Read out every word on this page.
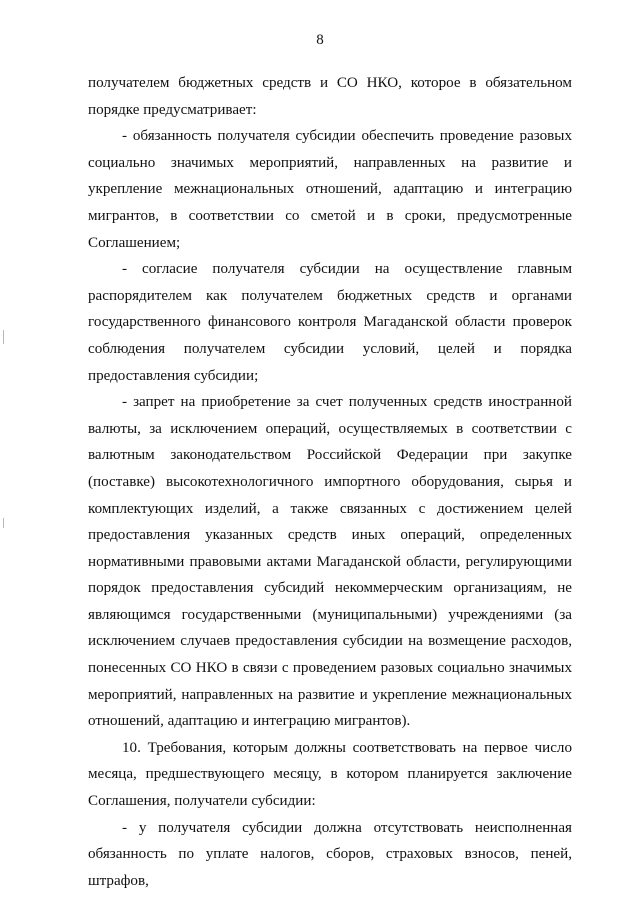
8

получателем бюджетных средств и СО НКО, которое в обязательном порядке предусматривает:

- обязанность получателя субсидии обеспечить проведение разовых социально значимых мероприятий, направленных на развитие и укрепление межнациональных отношений, адаптацию и интеграцию мигрантов, в соответствии со сметой и в сроки, предусмотренные Соглашением;

- согласие получателя субсидии на осуществление главным распорядителем как получателем бюджетных средств и органами государственного финансового контроля Магаданской области проверок соблюдения получателем субсидии условий, целей и порядка предоставления субсидии;

- запрет на приобретение за счет полученных средств иностранной валюты, за исключением операций, осуществляемых в соответствии с валютным законодательством Российской Федерации при закупке (поставке) высокотехнологичного импортного оборудования, сырья и комплектующих изделий, а также связанных с достижением целей предоставления указанных средств иных операций, определенных нормативными правовыми актами Магаданской области, регулирующими порядок предоставления субсидий некоммерческим организациям, не являющимся государственными (муниципальными) учреждениями (за исключением случаев предоставления субсидии на возмещение расходов, понесенных СО НКО в связи с проведением разовых социально значимых мероприятий, направленных на развитие и укрепление межнациональных отношений, адаптацию и интеграцию мигрантов).

10. Требования, которым должны соответствовать на первое число месяца, предшествующего месяцу, в котором планируется заключение Соглашения, получатели субсидии:

- у получателя субсидии должна отсутствовать неисполненная обязанность по уплате налогов, сборов, страховых взносов, пеней, штрафов,
